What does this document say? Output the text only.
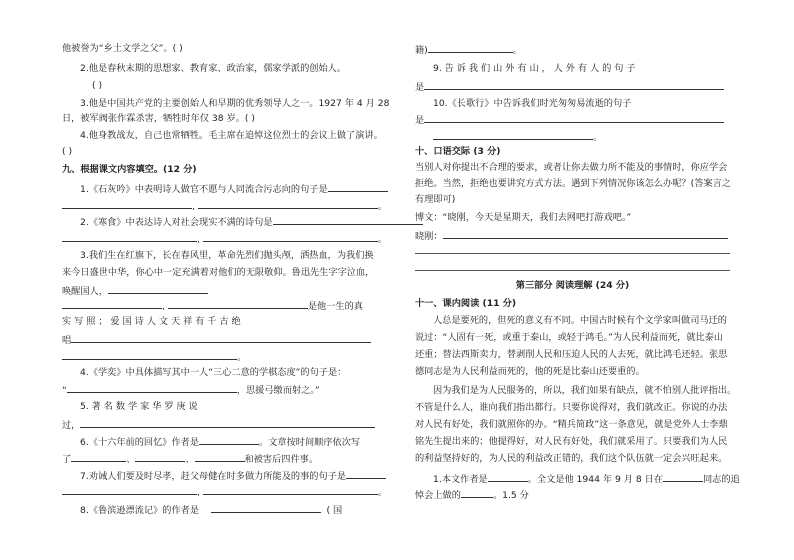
他被誉为“乡土文学之父”。( )
2.他是春秋末期的思想家、教育家、政治家，儒家学派的创始人。
( )
3.他是中国共产党的主要创始人和早期的优秀领导人之一。1927 年 4 月 28
日，被军阀张作霖杀害，牺牲时年仅 38 岁。( )
4.他身教战友，自己也常牺牲。毛主席在追悼这位烈士的会议上做了演讲。
( )
九、根据课文内容填空。(12 分)
1.《石灰吟》中表明诗人做官不愿与人同流合污志向的句子是
,	。
2.《寒食》中表达诗人对社会现实不满的诗句是
,	。
3.我们生在红旗下，长在春风里，革命先烈们抛头颅，洒热血，为我们换
来今日盛世中华，你心中一定充满着对他们的无限敬仰。鲁迅先生字字泣血，
唤醒国人，
,	是他一生的真
实 写 照 ； 爱 国 诗 人 文 天 祥 有 千 古 绝
唱
。
4.《学奕》中具体描写其中一人“三心二意的学棋态度”的句子是：
“	，思援弓缴而射之。”
5. 著 名 数 学 家 华 罗 庚 说
过，
6.《十六年前的回忆》作者是	。文章按时间顺序依次写
了	、	、	和被害后四件事。
7.劝诫人们要及时尽孝，赶父母健在时多做力所能及的事的句子是
,	。
8.《鲁滨逊漂流记》的作者是	( 国
籍)	。
9. 告 诉 我 们 山 外 有 山 ， 人 外 有 人 的 句 子
是
10.《长歌行》中告诉我们时光匆匆易流逝的句子
是
。
十、口语交际 (3 分)
当别人对你提出不合理的要求，或者让你去做力所不能及的事情时，你应学会
拒绝。当然，拒绝也要讲究方式方法。遇到下列情况你该怎么办呢？(答案言之
有理即可)
博文：“晓刚，今天是星期天，我们去网吧打游戏吧。”
晓刚：
第三部分 阅读理解 (24 分)
十一、课内阅读 (11 分)
人总是要死的，但死的意义有不同。中国古时候有个文学家叫做司马迁的
说过：“人固有一死，或重于泰山，或轻于鸿毛。”为人民利益而死，就比泰山
还重；替法西斯卖力，替剥削人民和压迫人民的人去死，就比鸿毛还轻。张思
德同志是为人民利益而死的，他的死是比泰山还要重的。
因为我们是为人民服务的，所以，我们如果有缺点，就不怕别人批评指出。
不管是什么人，谁向我们指出都行。只要你说得对，我们就改正。你说的办法
对人民有好处，我们就照你的办。“精兵简政”这一条意见，就是党外人士李鼎
铭先生提出来的；他提得好，对人民有好处，我们就采用了。只要我们为人民
的利益坚持好的，为人民的利益改正错的，我们这个队伍就一定会兴旺起来。
1.本文作者是	。全文是他 1944 年 9 月 8 日在	同志的追
悼会上做的	。1.5 分
